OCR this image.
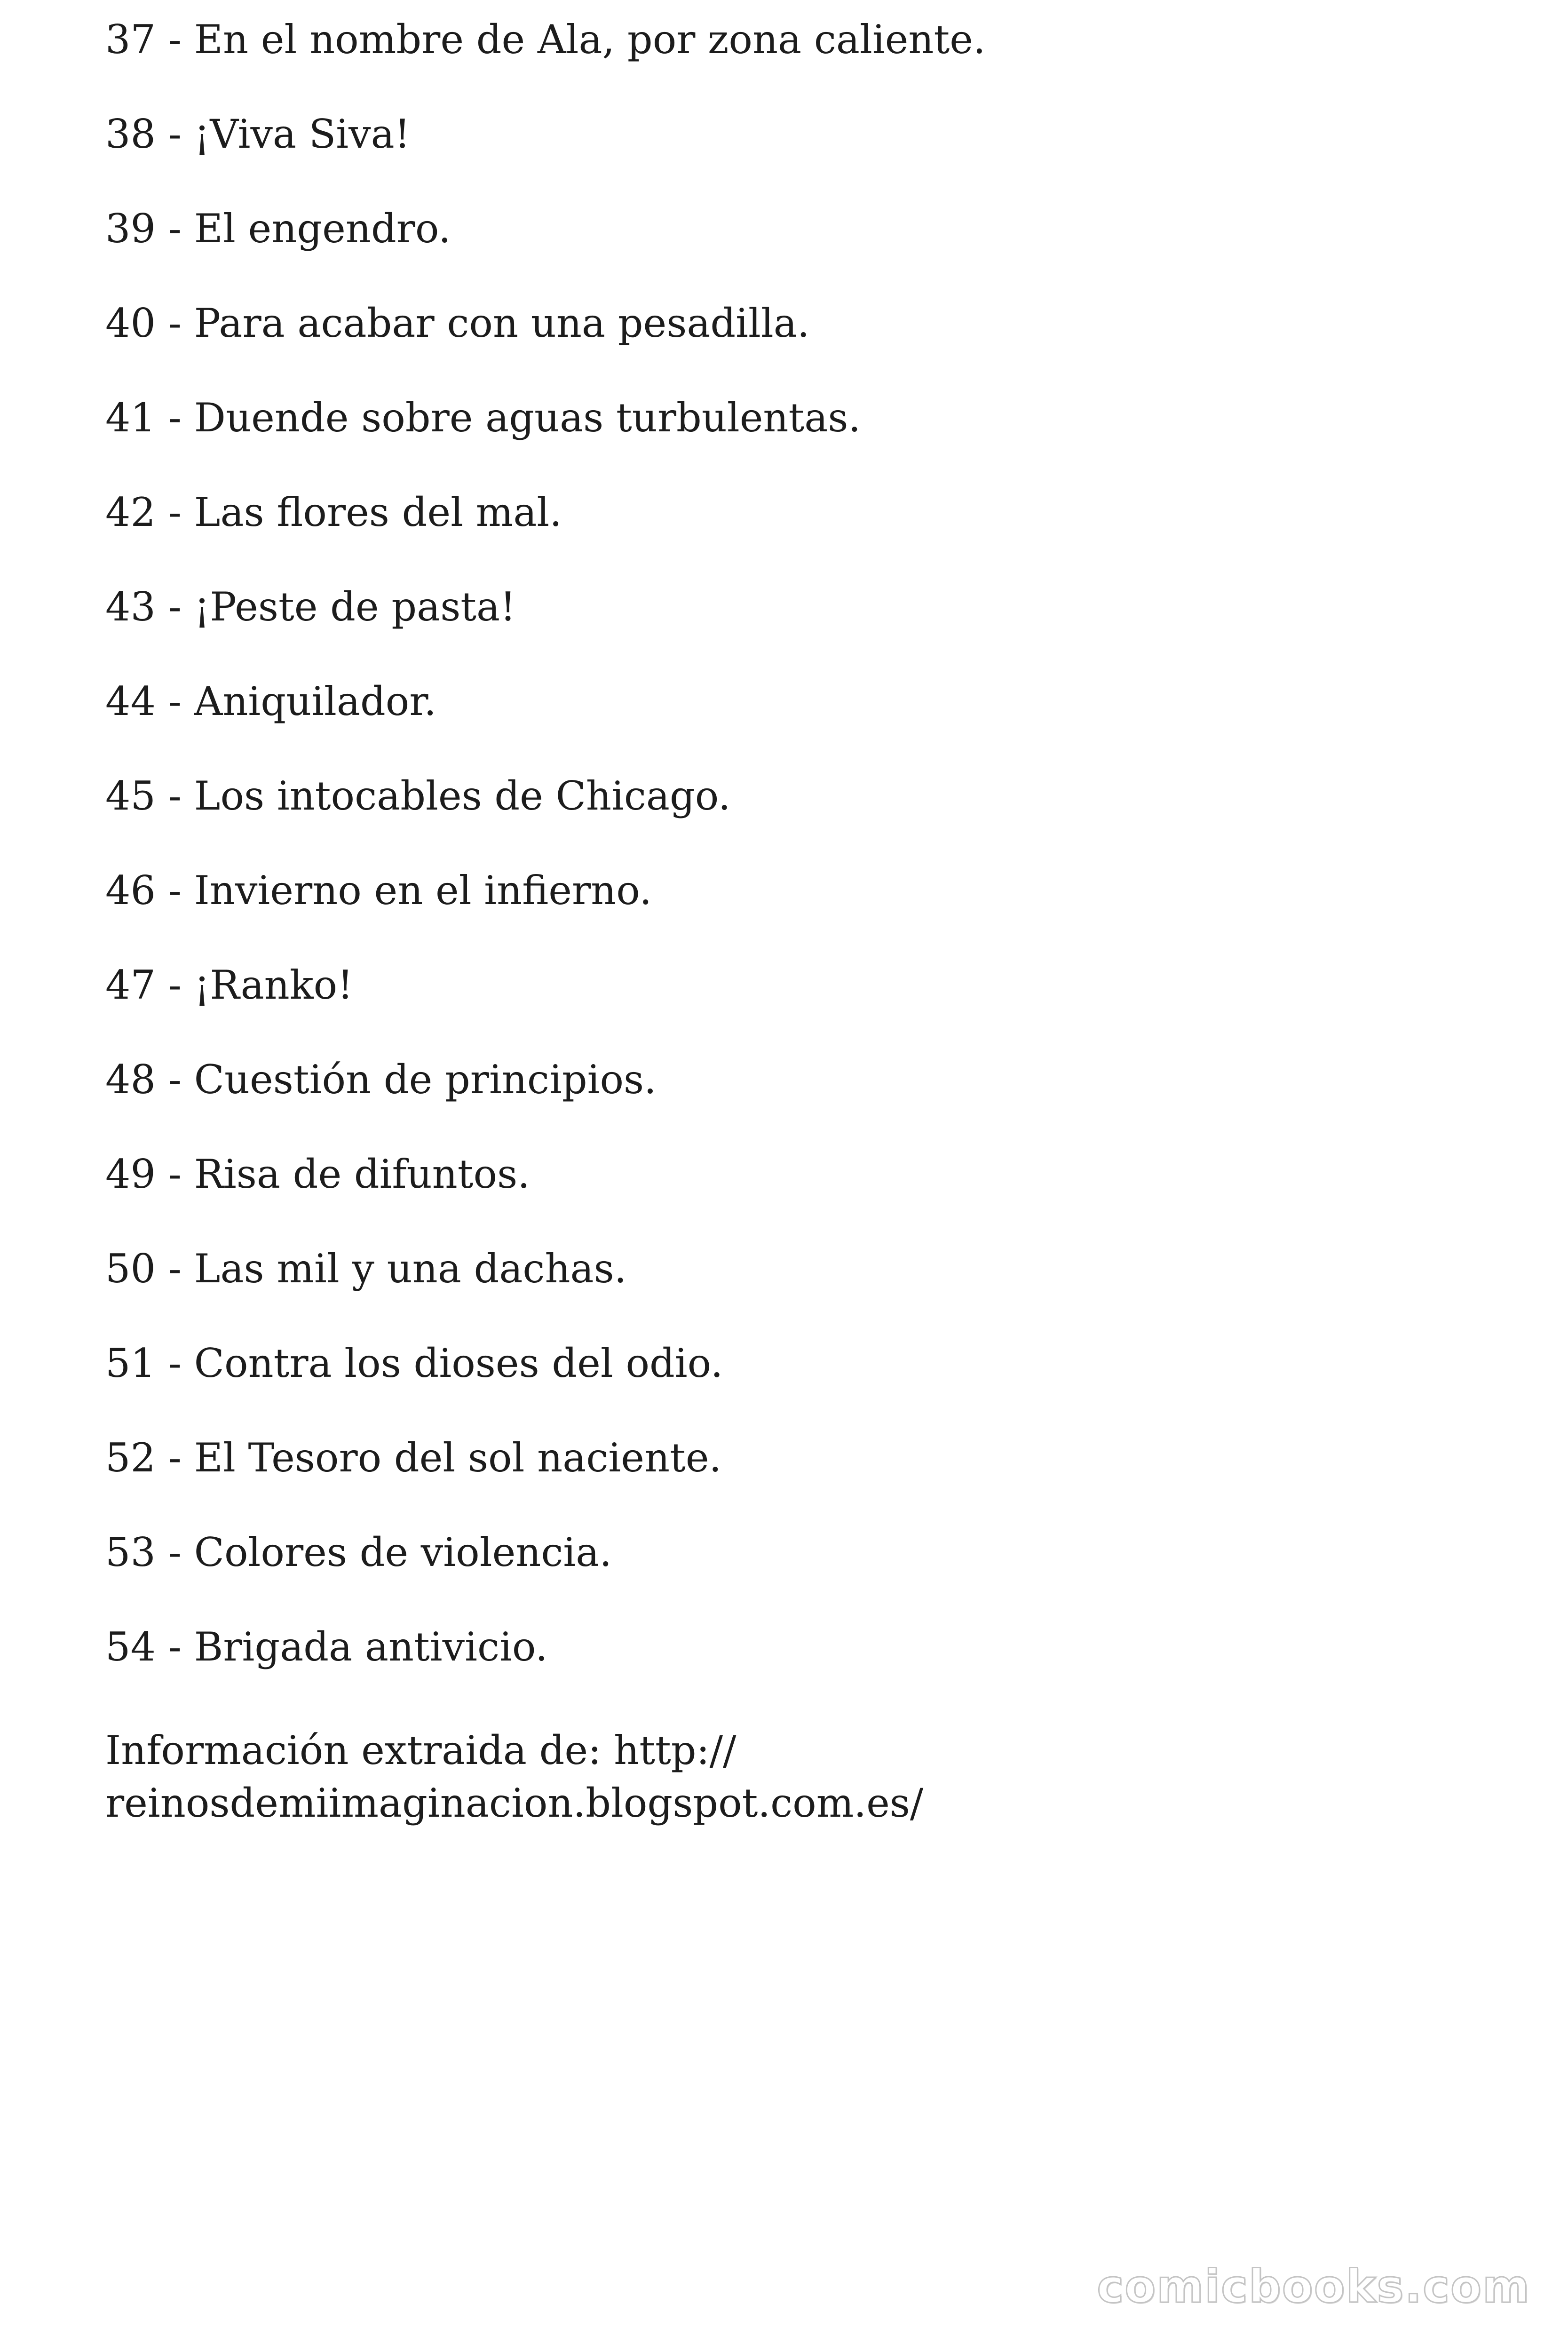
37 - En el nombre de Ala, por zona caliente.
38 - ¡Viva Siva!
39 - El engendro.
40 - Para acabar con una pesadilla.
41 - Duende sobre aguas turbulentas.
42 - Las flores del mal.
43 - ¡Peste de pasta!
44 - Aniquilador.
45 - Los intocables de Chicago.
46 - Invierno en el infierno.
47 - ¡Ranko!
48 - Cuestión de principios.
49 - Risa de difuntos.
50 - Las mil y una dachas.
51 - Contra los dioses del odio.
52 - El Tesoro del sol naciente.
53 - Colores de violencia.
54 - Brigada antivicio.
Información extraida de: http://
reinosdemiimaginacion.blogspot.com.es/
comicbooks.com
